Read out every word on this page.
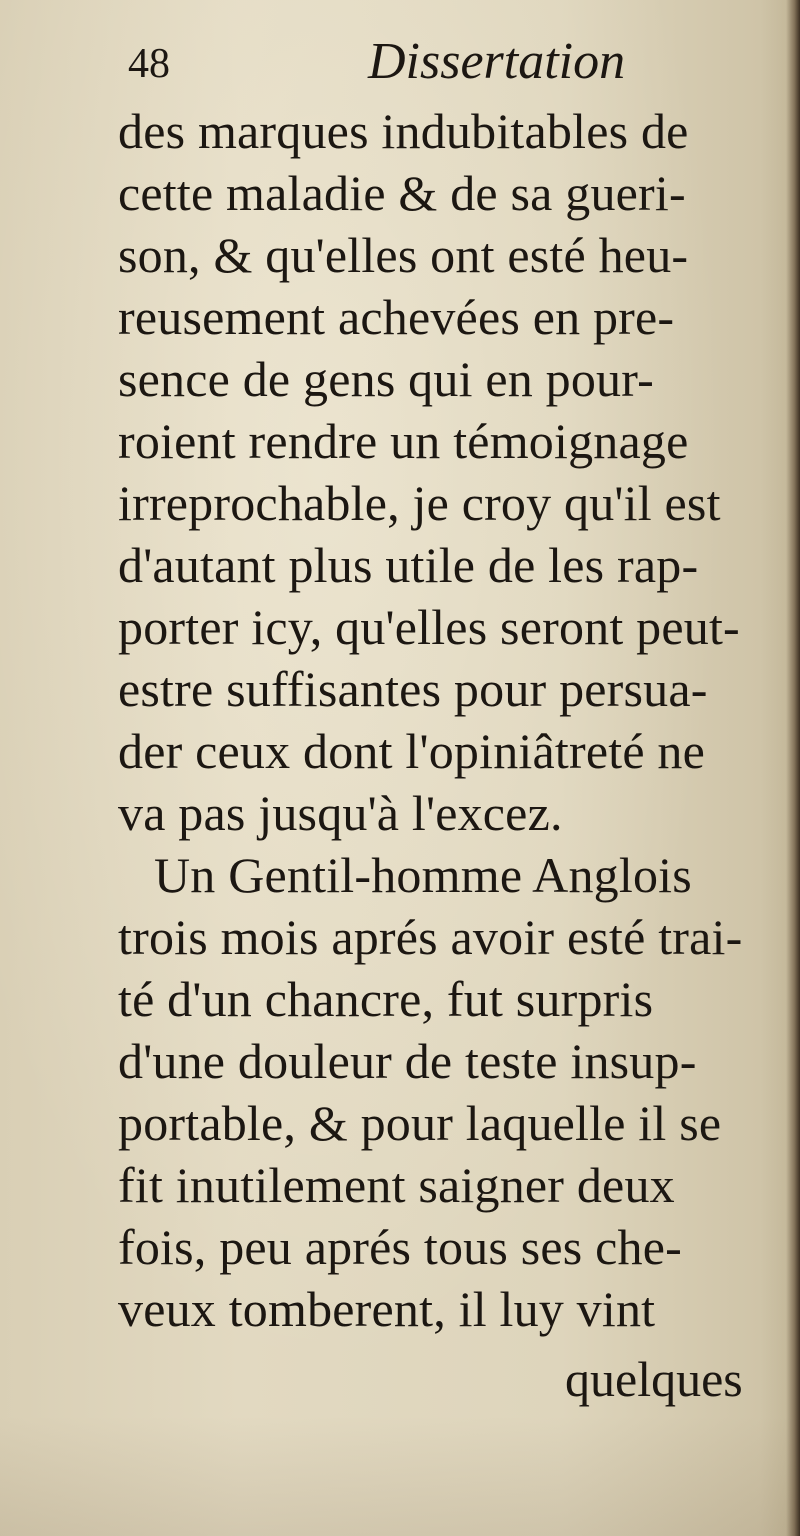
48	Dissertation
des marques indubitables de
cette maladie & de sa gueri-
son, & qu'elles ont esté heu-
reusement achevées en pre-
sence de gens qui en pour-
roient rendre un témoignage
irreprochable, je croy qu'il est
d'autant plus utile de les rap-
porter icy, qu'elles seront peut-
estre suffisantes pour persua-
der ceux dont l'opiniâtreté ne
va pas jusqu'à l'excez.
Un Gentil-homme Anglois
trois mois aprés avoir esté trai-
té d'un chancre, fut surpris
d'une douleur de teste insup-
portable, & pour laquelle il se
fit inutilement saigner deux
fois, peu aprés tous ses che-
veux tomberent, il luy vint
quelques
